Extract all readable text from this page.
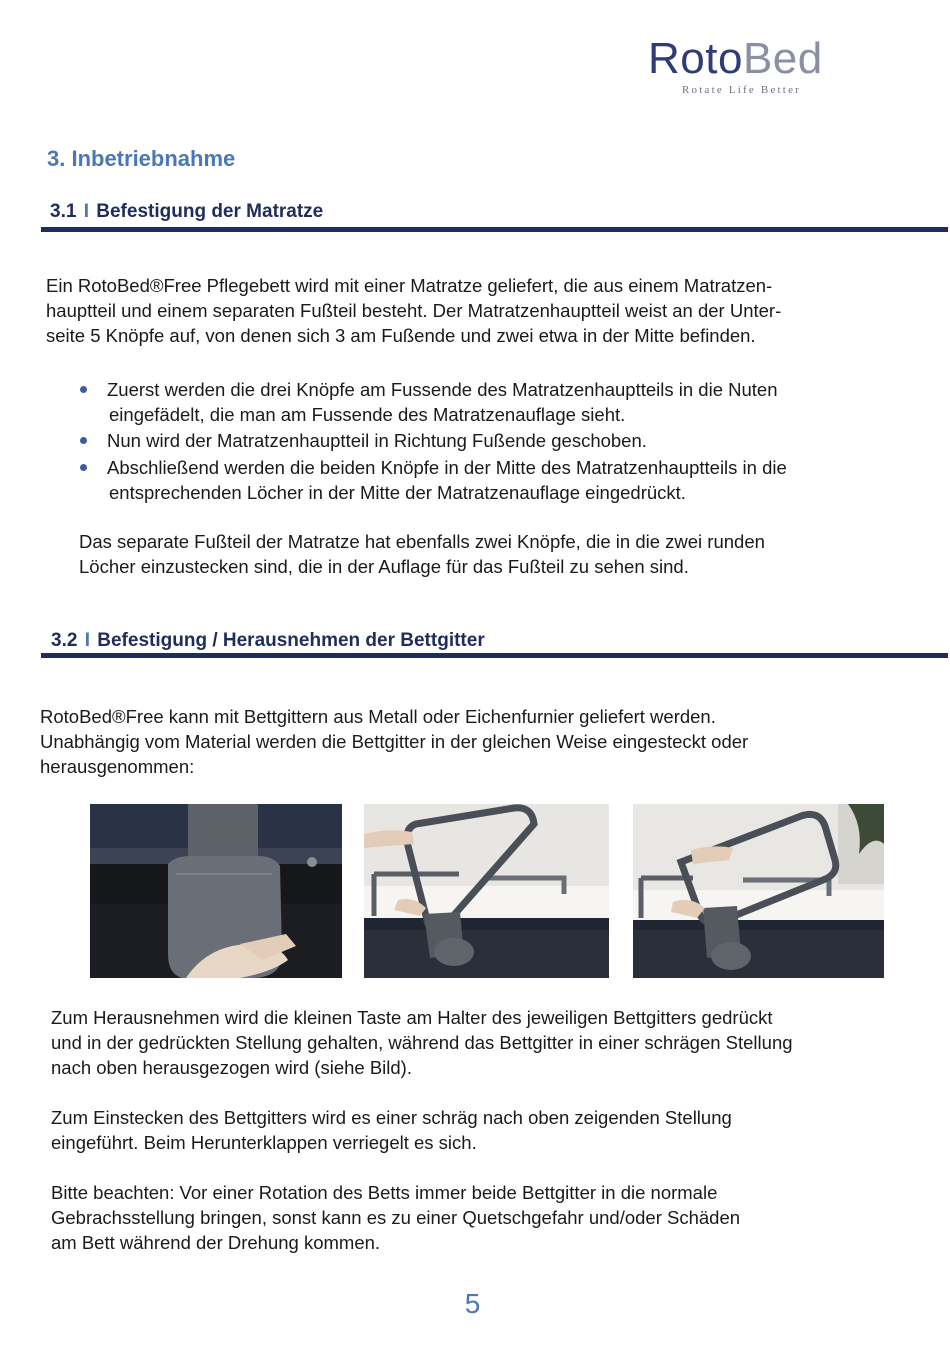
RotoBed
Rotate Life Better
3. Inbetriebnahme
3.1 I Befestigung der Matratze
Ein RotoBed®Free Pflegebett wird mit einer Matratze geliefert, die aus einem Matratzen-
hauptteil und einem separaten Fußteil besteht. Der Matratzenhauptteil weist an der Unter-
seite 5 Knöpfe auf, von denen sich 3 am Fußende und zwei etwa in der Mitte befinden.
Zuerst werden die drei Knöpfe am Fussende des Matratzenhauptteils in die Nuten
eingefädelt, die man am Fussende des Matratzenauflage sieht.
Nun wird der Matratzenhauptteil in Richtung Fußende geschoben.
Abschließend werden die beiden Knöpfe in der Mitte des Matratzenhauptteils in die
entsprechenden Löcher in der Mitte der Matratzenauflage eingedrückt.
Das separate Fußteil der Matratze hat ebenfalls zwei Knöpfe, die in die zwei runden
Löcher einzustecken sind, die in der Auflage für das Fußteil zu sehen sind.
3.2 I Befestigung / Herausnehmen der Bettgitter
RotoBed®Free kann mit Bettgittern aus Metall oder Eichenfurnier geliefert werden.
Unabhängig vom Material werden die Bettgitter in der gleichen Weise eingesteckt oder
herausgenommen:
Zum Herausnehmen wird die kleinen Taste am Halter des jeweiligen Bettgitters gedrückt
und in der gedrückten Stellung gehalten, während das Bettgitter in einer schrägen Stellung
nach oben herausgezogen wird (siehe Bild).
Zum Einstecken des Bettgitters wird es einer schräg nach oben zeigenden Stellung
eingeführt. Beim Herunterklappen verriegelt es sich.
Bitte beachten: Vor einer Rotation des Betts immer beide Bettgitter in die normale
Gebrachsstellung bringen, sonst kann es zu einer Quetschgefahr und/oder Schäden
am Bett während der Drehung kommen.
5
